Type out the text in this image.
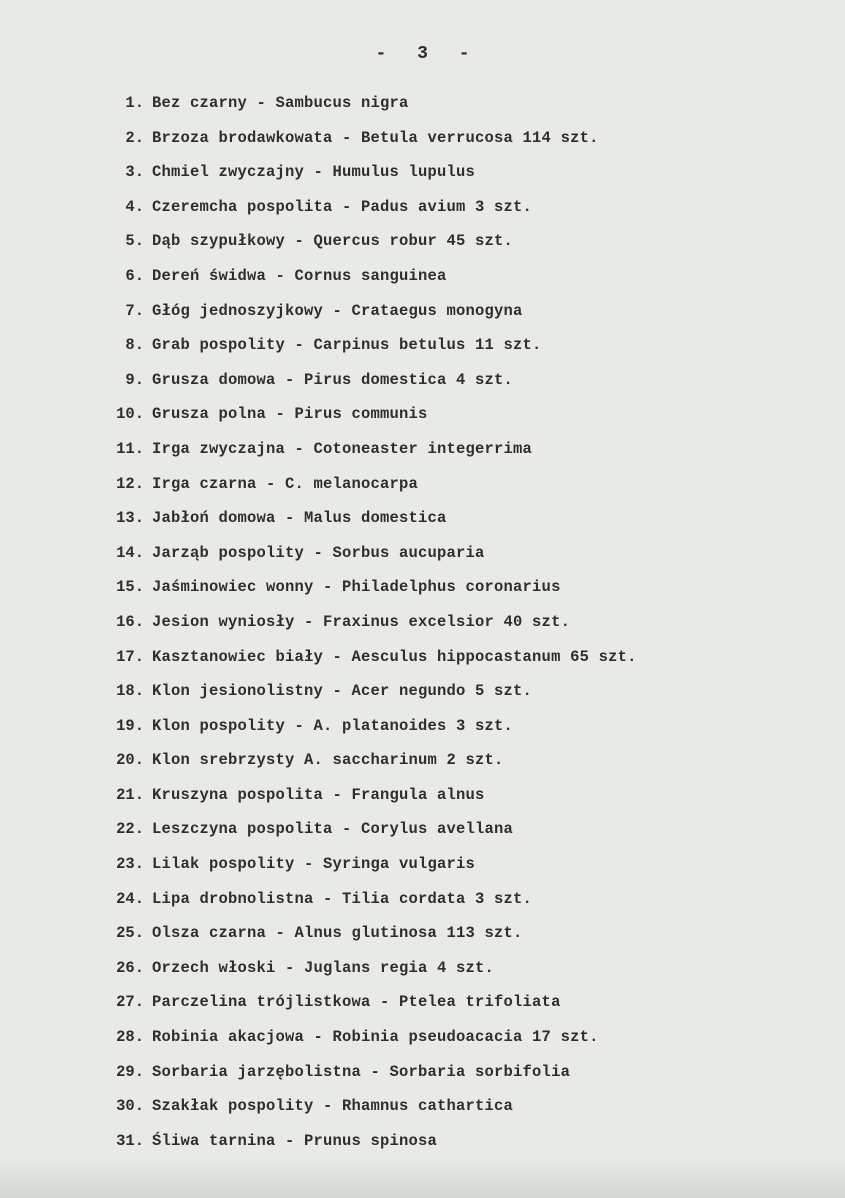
- 3 -
1. Bez czarny - Sambucus nigra
2. Brzoza brodawkowata - Betula verrucosa 114 szt.
3. Chmiel zwyczajny - Humulus lupulus
4. Czeremcha pospolita - Padus avium 3 szt.
5. Dąb szypułkowy - Quercus robur 45 szt.
6. Dereń świdwa - Cornus sanguinea
7. Głóg jednoszyjkowy - Crataegus monogyna
8. Grab pospolity - Carpinus betulus 11 szt.
9. Grusza domowa - Pirus domestica 4 szt.
10. Grusza polna - Pirus communis
11. Irga zwyczajna - Cotoneaster integerrima
12. Irga czarna - C. melanocarpa
13. Jabłoń domowa - Malus domestica
14. Jarząb pospolity - Sorbus aucuparia
15. Jaśminowiec wonny - Philadelphus coronarius
16. Jesion wyniosły - Fraxinus excelsior 40 szt.
17. Kasztanowiec biały - Aesculus hippocastanum 65 szt.
18. Klon jesionolistny - Acer negundo 5 szt.
19. Klon pospolity - A. platanoides 3 szt.
20. Klon srebrzysty A. saccharinum 2 szt.
21. Kruszyna pospolita - Frangula alnus
22. Leszczyna pospolita - Corylus avellana
23. Lilak pospolity - Syringa vulgaris
24. Lipa drobnolistna - Tilia cordata 3 szt.
25. Olsza czarna - Alnus glutinosa 113 szt.
26. Orzech włoski - Juglans regia 4 szt.
27. Parczelina trójlistkowa - Ptelea trifoliata
28. Robinia akacjowa - Robinia pseudoacacia 17 szt.
29. Sorbaria jarzębolistna - Sorbaria sorbifolia
30. Szakłak pospolity - Rhamnus cathartica
31. Śliwa tarnina - Prunus spinosa
